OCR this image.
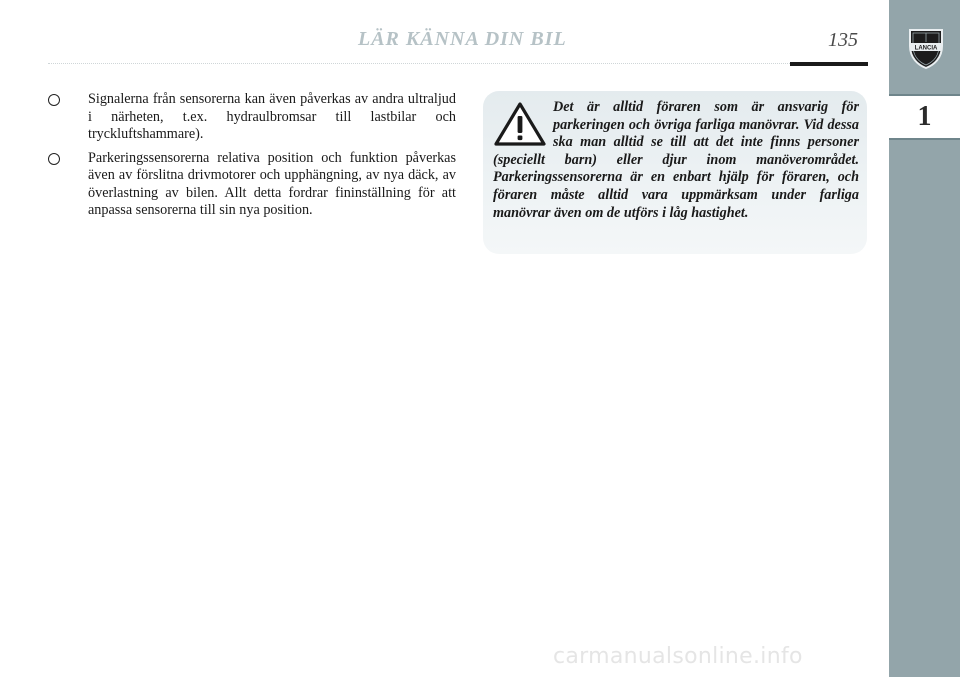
LÄR KÄNNA DIN BIL	135	LANCIA
1
Signalerna från sensorerna kan även påverkas av andra ultraljud i närheten, t.ex. hydraulbromsar till lastbilar och tryckluftshammare).
Parkeringssensorerna relativa position och funktion påverkas även av förslitna drivmotorer och upphängning, av nya däck, av överlastning av bilen. Allt detta fordrar fininställning för att anpassa sensorerna till sin nya position.

Det är alltid föraren som är ansvarig för parkeringen och övriga farliga manövrar. Vid dessa ska man alltid se till att det inte finns personer (speciellt barn) eller djur inom manöverområdet. Parkeringssensorerna är en enbart hjälp för föraren, och föraren måste alltid vara uppmärksam under farliga manövrar även om de utförs i låg hastighet.

carmanualsonline.info
